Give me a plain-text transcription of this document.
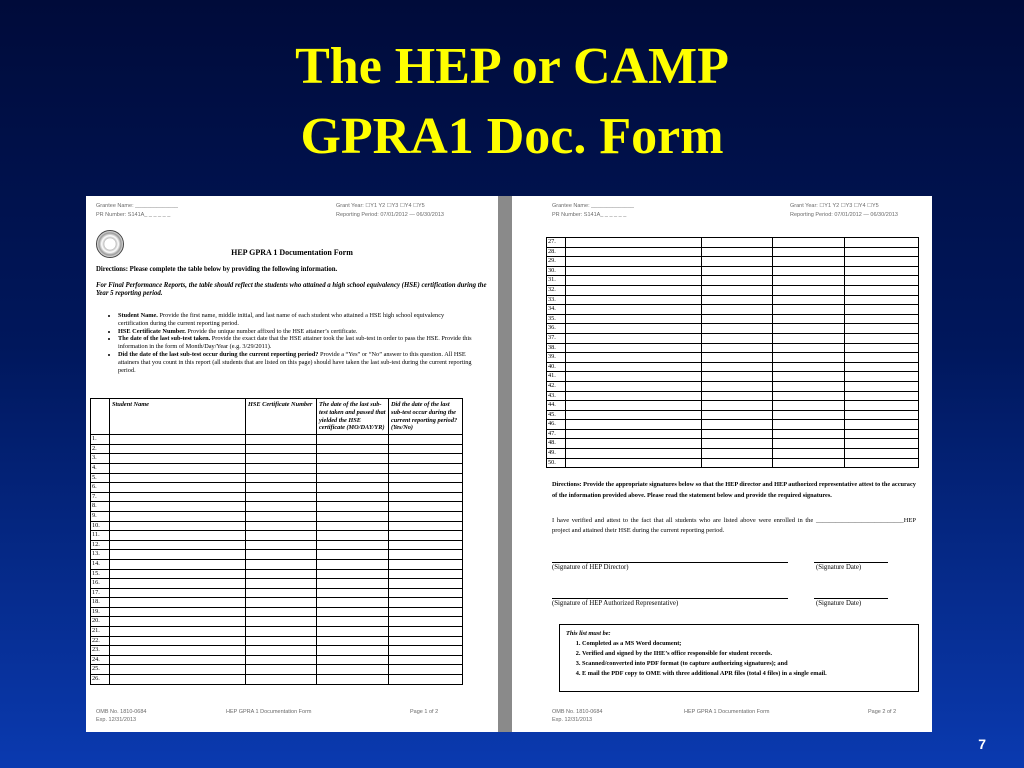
The HEP or CAMP
GPRA1 Doc. Form
Grantee Name: ______________
PR Number: S141A_ _ _ _ _ _
Grant Year: ☐Y1 Y2 ☐Y3 ☐Y4 ☐Y5
Reporting Period: 07/01/2012 — 06/30/2013
HEP GPRA 1 Documentation Form
Directions: Please complete the table below by providing the following information.
For Final Performance Reports, the table should reflect the students who attained a high school equivalency (HSE) certification during the Year 5 reporting period.
• Student Name. Provide the first name, middle initial, and last name of each student who attained a HSE high school equivalency certification during the current reporting period.
• HSE Certificate Number. Provide the unique number affixed to the HSE attainer’s certificate.
• The date of the last sub-test taken. Provide the exact date that the HSE attainer took the last sub-test in order to pass the HSE. Provide this information in the form of Month/Day/Year (e.g. 3/29/2011).
• Did the date of the last sub-test occur during the current reporting period? Provide a “Yes” or “No” answer to this question. All HSE attainers that you count in this report (all students that are listed on this page) should have taken the last sub-test during the current reporting period.
	Student Name	HSE Certificate Number	The date of the last sub-test taken and passed that yielded the HSE certificate (MO/DAY/YR)	Did the date of the last sub-test occur during the current reporting period? (Yes/No)
1.				
2.				
3.				
4.				
5.				
6.				
7.				
8.				
9.				
10.				
11.				
12.				
13.				
14.				
15.				
16.				
17.				
18.				
19.				
20.				
21.				
22.				
23.				
24.				
25.				
26.				
OMB No. 1810-0684
Exp. 12/31/2013
HEP GPRA 1 Documentation Form	Page 1 of 2
Grantee Name: ______________
PR Number: S141A_ _ _ _ _ _
Grant Year: ☐Y1 Y2 ☐Y3 ☐Y4 ☐Y5
Reporting Period: 07/01/2012 — 06/30/2013
27.				
28.				
29.				
30.				
31.				
32.				
33.				
34.				
35.				
36.				
37.				
38.				
39.				
40.				
41.				
42.				
43.				
44.				
45.				
46.				
47.				
48.				
49.				
50.				
Directions: Provide the appropriate signatures below so that the HEP director and HEP authorized representative attest to the accuracy of the information provided above. Please read the statement below and provide the required signatures.
I have verified and attest to the fact that all students who are listed above were enrolled in the ___________________________HEP project and attained their HSE during the current reporting period.
(Signature of HEP Director)	(Signature Date)
(Signature of HEP Authorized Representative)	(Signature Date)
This list must be:
1. Completed as a MS Word document;
2. Verified and signed by the IHE’s office responsible for student records.
3. Scanned/converted into PDF format (to capture authorizing signatures); and
4. E mail the PDF copy to OME with three additional APR files (total 4 files) in a single email.
OMB No. 1810-0684
Exp. 12/31/2013
HEP GPRA 1 Documentation Form	Page 2 of 2
7
